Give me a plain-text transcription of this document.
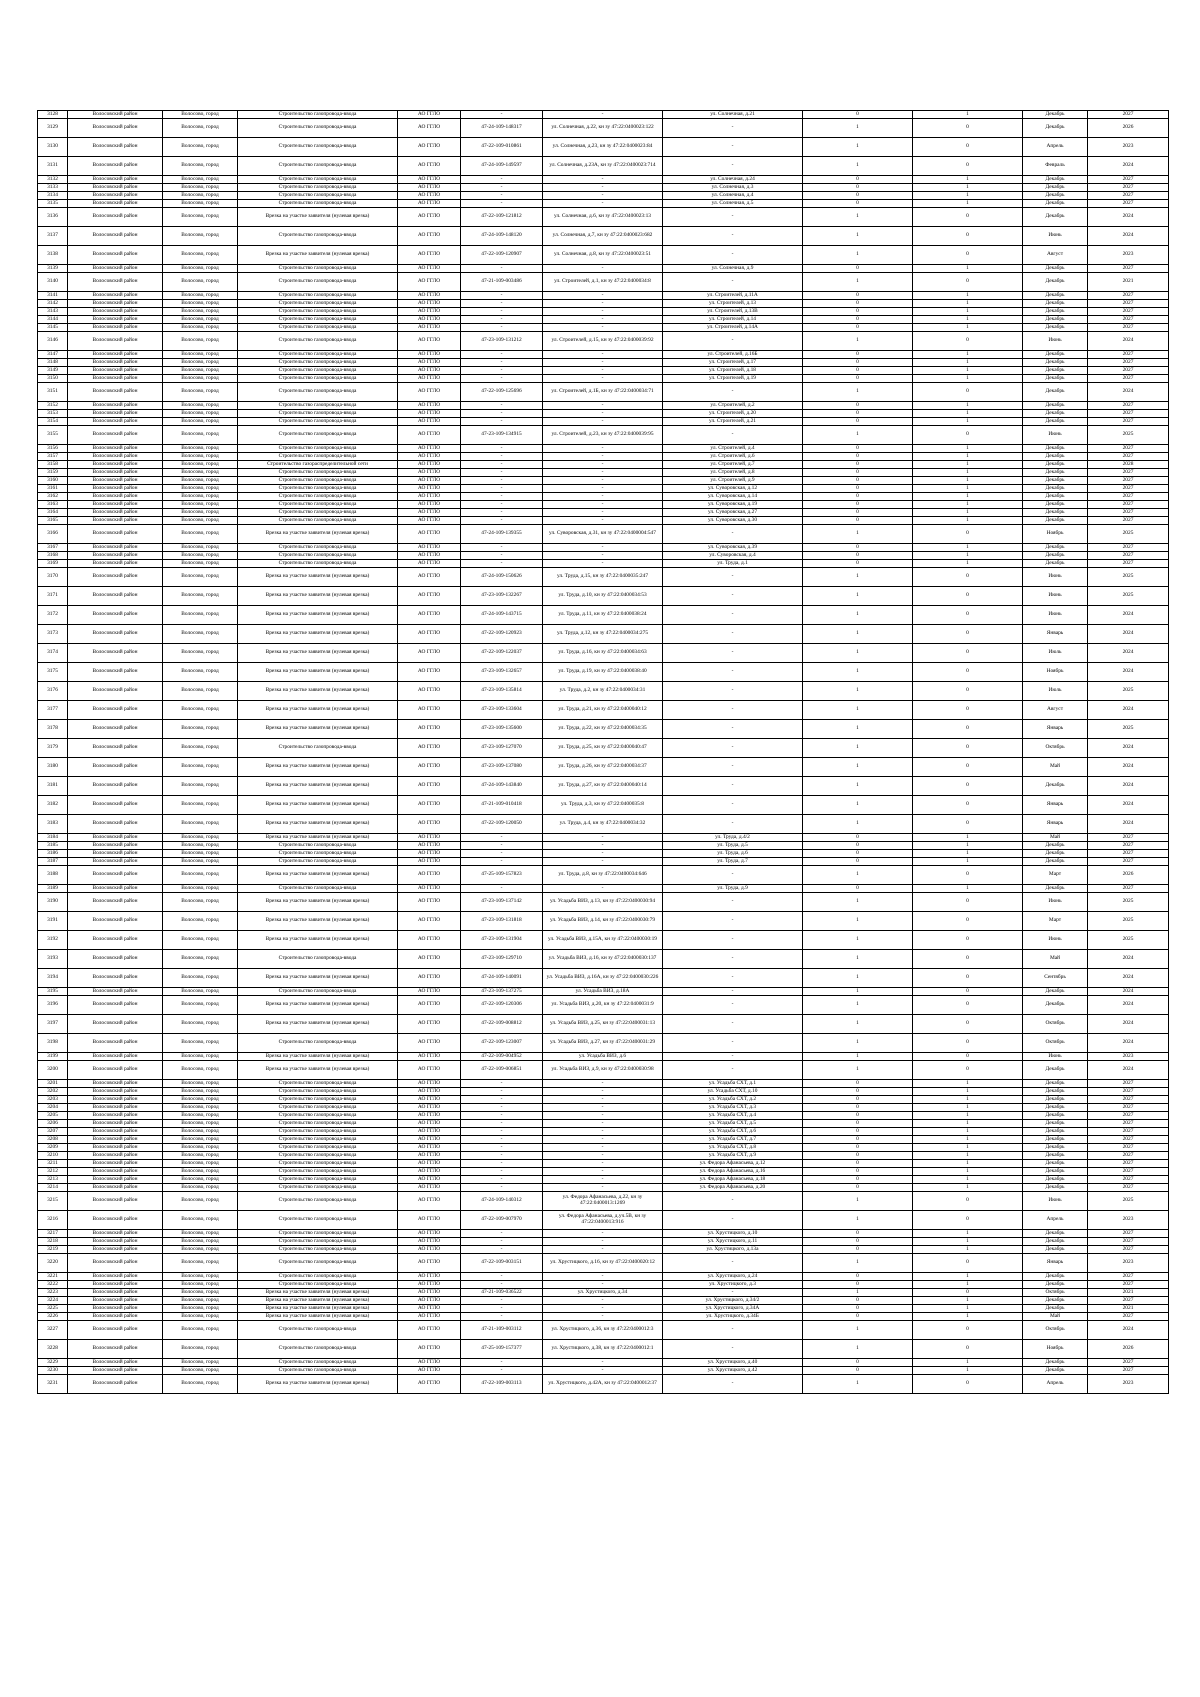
3128	Волосовский район	Волосово, город	Строительство газопровода-ввода	АО ГГЛО	-	-	ул. Солнечная, д.21	0	1	Декабрь	2027
3129	Волосовский район	Волосово, город	Строительство газопровода-ввода	АО ГГЛО	47-24-109-148317	ул. Солнечная, д.22, кн зу 47:22:0400023:122	-	1	0	Декабрь	2026
3130	Волосовский район	Волосово, город	Строительство газопровода-ввода	АО ГГЛО	47-22-109-010861	ул. Солнечная, д.23, кн зу 47:22:0400023:84	-	1	0	Апрель	2023
3131	Волосовский район	Волосово, город	Строительство газопровода-ввода	АО ГГЛО	47-24-109-149597	ул. Солнечная, д.23А, кн зу 47:22:0400023:714	-	1	0	Февраль	2024
3132	Волосовский район	Волосово, город	Строительство газопровода-ввода	АО ГГЛО	-	-	ул. Солнечная, д.24	0	1	Декабрь	2027
3133	Волосовский район	Волосово, город	Строительство газопровода-ввода	АО ГГЛО	-	-	ул. Солнечная, д.3	0	1	Декабрь	2027
3134	Волосовский район	Волосово, город	Строительство газопровода-ввода	АО ГГЛО	-	-	ул. Солнечная, д.4	0	1	Декабрь	2027
3135	Волосовский район	Волосово, город	Строительство газопровода-ввода	АО ГГЛО	-	-	ул. Солнечная, д.5	0	1	Декабрь	2027
3136	Волосовский район	Волосово, город	Врезка на участке заявителя (нулевая врезка)	АО ГГЛО	47-22-109-121812	ул. Солнечная, д.6, кн зу 47:22:0400023:13	-	1	0	Декабрь	2024
3137	Волосовский район	Волосово, город	Строительство газопровода-ввода	АО ГГЛО	47-24-109-148120	ул. Солнечная, д.7, кн зу 47:22:0400023:682	-	1	0	Июнь	2024
3138	Волосовский район	Волосово, город	Врезка на участке заявителя (нулевая врезка)	АО ГГЛО	47-22-109-120907	ул. Солнечная, д.8, кн зу 47:22:0400023:51	-	1	0	Август	2023
3139	Волосовский район	Волосово, город	Строительство газопровода-ввода	АО ГГЛО	-	-	ул. Солнечная, д.9	0	1	Декабрь	2027
3140	Волосовский район	Волосово, город	Строительство газопровода-ввода	АО ГГЛО	47-21-109-003486	ул. Строителей, д.1, кн зу 47:22:0400034:8	-	1	0	Декабрь	2021
3141	Волосовский район	Волосово, город	Строительство газопровода-ввода	АО ГГЛО	-	-	ул. Строителей, д.11А	0	1	Декабрь	2027
3142	Волосовский район	Волосово, город	Строительство газопровода-ввода	АО ГГЛО	-	-	ул. Строителей, д.13	0	1	Декабрь	2027
3143	Волосовский район	Волосово, город	Строительство газопровода-ввода	АО ГГЛО	-	-	ул. Строителей, д.13В	0	1	Декабрь	2027
3144	Волосовский район	Волосово, город	Строительство газопровода-ввода	АО ГГЛО	-	-	ул. Строителей, д.14	0	1	Декабрь	2027
3145	Волосовский район	Волосово, город	Строительство газопровода-ввода	АО ГГЛО	-	-	ул. Строителей, д.14А	0	1	Декабрь	2027
3146	Волосовский район	Волосово, город	Строительство газопровода-ввода	АО ГГЛО	47-23-109-131212	ул. Строителей, д.15, кн зу 47:22:0400039:92	-	1	0	Июнь	2024
3147	Волосовский район	Волосово, город	Строительство газопровода-ввода	АО ГГЛО	-	-	ул. Строителей, д.16Б	0	1	Декабрь	2027
3148	Волосовский район	Волосово, город	Строительство газопровода-ввода	АО ГГЛО	-	-	ул. Строителей, д.17	0	1	Декабрь	2027
3149	Волосовский район	Волосово, город	Строительство газопровода-ввода	АО ГГЛО	-	-	ул. Строителей, д.18	0	1	Декабрь	2027
3150	Волосовский район	Волосово, город	Строительство газопровода-ввода	АО ГГЛО	-	-	ул. Строителей, д.19	0	1	Декабрь	2027
3151	Волосовский район	Волосово, город	Строительство газопровода-ввода	АО ГГЛО	47-22-109-125696	ул. Строителей, д.1Б, кн зу 47:22:0400034:71	-	1	0	Декабрь	2024
3152	Волосовский район	Волосово, город	Строительство газопровода-ввода	АО ГГЛО	-	-	ул. Строителей, д.2	0	1	Декабрь	2027
3153	Волосовский район	Волосово, город	Строительство газопровода-ввода	АО ГГЛО	-	-	ул. Строителей, д.20	0	1	Декабрь	2027
3154	Волосовский район	Волосово, город	Строительство газопровода-ввода	АО ГГЛО	-	-	ул. Строителей, д.21	0	1	Декабрь	2027
3155	Волосовский район	Волосово, город	Строительство газопровода-ввода	АО ГГЛО	47-23-109-134915	ул. Строителей, д.23, кн зу 47:22:0400039:95	-	1	0	Июнь	2025
3156	Волосовский район	Волосово, город	Строительство газопровода-ввода	АО ГГЛО	-	-	ул. Строителей, д.4	0	1	Декабрь	2027
3157	Волосовский район	Волосово, город	Строительство газопровода-ввода	АО ГГЛО	-	-	ул. Строителей, д.6	0	1	Декабрь	2027
3158	Волосовский район	Волосово, город	Строительство газораспределительной сети	АО ГГЛО	-	-	ул. Строителей, д.7	0	1	Декабрь	2028
3159	Волосовский район	Волосово, город	Строительство газопровода-ввода	АО ГГЛО	-	-	ул. Строителей, д.8	0	1	Декабрь	2027
3160	Волосовский район	Волосово, город	Строительство газопровода-ввода	АО ГГЛО	-	-	ул. Строителей, д.9	0	1	Декабрь	2027
3161	Волосовский район	Волосово, город	Строительство газопровода-ввода	АО ГГЛО	-	-	ул. Суворовская, д.12	0	1	Декабрь	2027
3162	Волосовский район	Волосово, город	Строительство газопровода-ввода	АО ГГЛО	-	-	ул. Суворовская, д.14	0	1	Декабрь	2027
3163	Волосовский район	Волосово, город	Строительство газопровода-ввода	АО ГГЛО	-	-	ул. Суворовская, д.19	0	1	Декабрь	2027
3164	Волосовский район	Волосово, город	Строительство газопровода-ввода	АО ГГЛО	-	-	ул. Суворовская, д.27	0	1	Декабрь	2027
3165	Волосовский район	Волосово, город	Строительство газопровода-ввода	АО ГГЛО	-	-	ул. Суворовская, д.30	0	1	Декабрь	2027
3166	Волосовский район	Волосово, город	Врезка на участке заявителя (нулевая врезка)	АО ГГЛО	47-24-109-139355	ул. Суворовская, д.31, кн зу 47:22:0400004:547	-	1	0	Ноябрь	2025
3167	Волосовский район	Волосово, город	Строительство газопровода-ввода	АО ГГЛО	-	-	ул. Суворовская, д.39	0	1	Декабрь	2027
3168	Волосовский район	Волосово, город	Строительство газопровода-ввода	АО ГГЛО	-	-	ул. Суворовская, д.4	0	1	Декабрь	2027
3169	Волосовский район	Волосово, город	Строительство газопровода-ввода	АО ГГЛО	-	-	ул. Труда, д.1	0	1	Декабрь	2027
3170	Волосовский район	Волосово, город	Врезка на участке заявителя (нулевая врезка)	АО ГГЛО	47-24-109-150626	ул. Труда, д.15, кн зу 47:22:0400035:247	-	1	0	Июнь	2025
3171	Волосовский район	Волосово, город	Врезка на участке заявителя (нулевая врезка)	АО ГГЛО	47-23-109-132267	ул. Труда, д.10, кн зу 47:22:0400034:53	-	1	0	Июнь	2025
3172	Волосовский район	Волосово, город	Врезка на участке заявителя (нулевая врезка)	АО ГГЛО	47-24-109-143715	ул. Труда, д.11, кн зу 47:22:0400038:24	-	1	0	Июнь	2024
3173	Волосовский район	Волосово, город	Врезка на участке заявителя (нулевая врезка)	АО ГГЛО	47-22-109-120923	ул. Труда, д.12, кн зу 47:22:0400034:275	-	1	0	Январь	2024
3174	Волосовский район	Волосово, город	Врезка на участке заявителя (нулевая врезка)	АО ГГЛО	47-22-109-122037	ул. Труда, д.16, кн зу 47:22:0400034:63	-	1	0	Июль	2024
3175	Волосовский район	Волосово, город	Врезка на участке заявителя (нулевая врезка)	АО ГГЛО	47-23-109-132657	ул. Труда, д.19, кн зу 47:22:0400038:40	-	1	0	Ноябрь	2024
3176	Волосовский район	Волосово, город	Врезка на участке заявителя (нулевая врезка)	АО ГГЛО	47-23-109-135814	ул. Труда, д.2, кн зу 47:22:0400034:31	-	1	0	Июль	2025
3177	Волосовский район	Волосово, город	Врезка на участке заявителя (нулевая врезка)	АО ГГЛО	47-23-109-133604	ул. Труда, д.21, кн зу 47:22:0400040:12	-	1	0	Август	2024
3178	Волосовский район	Волосово, город	Врезка на участке заявителя (нулевая врезка)	АО ГГЛО	47-23-109-135600	ул. Труда, д.22, кн зу 47:22:0400034:35	-	1	0	Январь	2025
3179	Волосовский район	Волосово, город	Строительство газопровода-ввода	АО ГГЛО	47-23-109-127070	ул. Труда, д.25, кн зу 47:22:0400040:47	-	1	0	Октябрь	2024
3180	Волосовский район	Волосово, город	Врезка на участке заявителя (нулевая врезка)	АО ГГЛО	47-23-109-137080	ул. Труда, д.26, кн зу 47:22:0400034:37	-	1	0	Май	2024
3181	Волосовский район	Волосово, город	Врезка на участке заявителя (нулевая врезка)	АО ГГЛО	47-24-109-143840	ул. Труда, д.27, кн зу 47:22:0400040:14	-	1	0	Декабрь	2024
3182	Волосовский район	Волосово, город	Врезка на участке заявителя (нулевая врезка)	АО ГГЛО	47-21-109-010418	ул. Труда, д.3, кн зу 47:22:0400035:8	-	1	0	Январь	2024
3183	Волосовский район	Волосово, город	Врезка на участке заявителя (нулевая врезка)	АО ГГЛО	47-22-109-120050	ул. Труда, д.4, кн зу 47:22:0400034:32	-	1	0	Январь	2024
3184	Волосовский район	Волосово, город	Врезка на участке заявителя (нулевая врезка)	АО ГГЛО	-	-	ул. Труда, д.4/2	0	1	Май	2027
3185	Волосовский район	Волосово, город	Строительство газопровода-ввода	АО ГГЛО	-	-	ул. Труда, д.5	0	1	Декабрь	2027
3186	Волосовский район	Волосово, город	Строительство газопровода-ввода	АО ГГЛО	-	-	ул. Труда, д.6	0	1	Декабрь	2027
3187	Волосовский район	Волосово, город	Строительство газопровода-ввода	АО ГГЛО	-	-	ул. Труда, д.7	0	1	Декабрь	2027
3188	Волосовский район	Волосово, город	Врезка на участке заявителя (нулевая врезка)	АО ГГЛО	47-25-109-157823	ул. Труда, д.8, кн зу 47:22:0400034:646	-	1	0	Март	2026
3189	Волосовский район	Волосово, город	Строительство газопровода-ввода	АО ГГЛО	-	-	ул. Труда, д.9	0	1	Декабрь	2027
3190	Волосовский район	Волосово, город	Врезка на участке заявителя (нулевая врезка)	АО ГГЛО	47-23-109-137142	ул. Усадьба ВИЗ, д.13, кн зу 47:22:0400030:94	-	1	0	Июнь	2025
3191	Волосовский район	Волосово, город	Врезка на участке заявителя (нулевая врезка)	АО ГГЛО	47-23-109-131818	ул. Усадьба ВИЗ, д.14, кн зу 47:22:0400030:79	-	1	0	Март	2025
3192	Волосовский район	Волосово, город	Врезка на участке заявителя (нулевая врезка)	АО ГГЛО	47-23-109-131904	ул. Усадьба ВИЗ, д.15А, кн зу 47:22:0400030:19	-	1	0	Июнь	2025
3193	Волосовский район	Волосово, город	Строительство газопровода-ввода	АО ГГЛО	47-23-109-129710	ул. Усадьба ВИЗ, д.16, кн зу 47:22:0400030:137	-	1	0	Май	2024
3194	Волосовский район	Волосово, город	Врезка на участке заявителя (нулевая врезка)	АО ГГЛО	47-24-109-140091	ул. Усадьба ВИЗ, д.16А, кн зу 47:22:0400030:226	-	1	0	Сентябрь	2024
3195	Волосовский район	Волосово, город	Строительство газопровода-ввода	АО ГГЛО	47-23-109-137275	ул. Усадьба ВИЗ, д.18А	-	1	0	Декабрь	2024
3196	Волосовский район	Волосово, город	Врезка на участке заявителя (нулевая врезка)	АО ГГЛО	47-22-109-120306	ул. Усадьба ВИЗ, д.20, кн зу 47:22:0400031:9	-	1	0	Декабрь	2024
3197	Волосовский район	Волосово, город	Врезка на участке заявителя (нулевая врезка)	АО ГГЛО	47-22-109-008812	ул. Усадьба ВИЗ, д.25, кн зу 47:22:0400031:13	-	1	0	Октябрь	2024
3198	Волосовский район	Волосово, город	Строительство газопровода-ввода	АО ГГЛО	47-22-109-123007	ул. Усадьба ВИЗ, д.27, кн зу 47:22:0400031:29	-	1	0	Октябрь	2024
3199	Волосовский район	Волосово, город	Врезка на участке заявителя (нулевая врезка)	АО ГГЛО	47-22-109-004952	ул. Усадьба ВИЗ, д.6	-	1	0	Июнь	2023
3200	Волосовский район	Волосово, город	Врезка на участке заявителя (нулевая врезка)	АО ГГЛО	47-22-109-006851	ул. Усадьба ВИЗ, д.9, кн зу 47:22:0400030:98	-	1	0	Декабрь	2024
3201	Волосовский район	Волосово, город	Строительство газопровода-ввода	АО ГГЛО	-	-	ул. Усадьба СХТ, д.1	0	1	Декабрь	2027
3202	Волосовский район	Волосово, город	Строительство газопровода-ввода	АО ГГЛО	-	-	ул. Усадьба СХТ, д.10	0	1	Декабрь	2027
3203	Волосовский район	Волосово, город	Строительство газопровода-ввода	АО ГГЛО	-	-	ул. Усадьба СХТ, д.2	0	1	Декабрь	2027
3204	Волосовский район	Волосово, город	Строительство газопровода-ввода	АО ГГЛО	-	-	ул. Усадьба СХТ, д.3	0	1	Декабрь	2027
3205	Волосовский район	Волосово, город	Строительство газопровода-ввода	АО ГГЛО	-	-	ул. Усадьба СХТ, д.4	0	1	Декабрь	2027
3206	Волосовский район	Волосово, город	Строительство газопровода-ввода	АО ГГЛО	-	-	ул. Усадьба СХТ, д.5	0	1	Декабрь	2027
3207	Волосовский район	Волосово, город	Строительство газопровода-ввода	АО ГГЛО	-	-	ул. Усадьба СХТ, д.6	0	1	Декабрь	2027
3208	Волосовский район	Волосово, город	Строительство газопровода-ввода	АО ГГЛО	-	-	ул. Усадьба СХТ, д.7	0	1	Декабрь	2027
3209	Волосовский район	Волосово, город	Строительство газопровода-ввода	АО ГГЛО	-	-	ул. Усадьба СХТ, д.8	0	1	Декабрь	2027
3210	Волосовский район	Волосово, город	Строительство газопровода-ввода	АО ГГЛО	-	-	ул. Усадьба СХТ, д.9	0	1	Декабрь	2027
3211	Волосовский район	Волосово, город	Строительство газопровода-ввода	АО ГГЛО	-	-	ул. Федора Афанасьева, д.12	0	1	Декабрь	2027
3212	Волосовский район	Волосово, город	Строительство газопровода-ввода	АО ГГЛО	-	-	ул. Федора Афанасьева, д.16	0	1	Декабрь	2027
3213	Волосовский район	Волосово, город	Строительство газопровода-ввода	АО ГГЛО	-	-	ул. Федора Афанасьева, д.18	0	1	Декабрь	2027
3214	Волосовский район	Волосово, город	Строительство газопровода-ввода	АО ГГЛО	-	-	ул. Федора Афанасьева, д.20	0	1	Декабрь	2027
3215	Волосовский район	Волосово, город	Строительство газопровода-ввода	АО ГГЛО	47-24-109-140312	ул. Федора Афанасьева, д.22, кн зу 47:22:0400013:1269	-	1	0	Июнь	2025
3216	Волосовский район	Волосово, город	Строительство газопровода-ввода	АО ГГЛО	47-22-109-007970	ул. Федора Афанасьева, д.уч.5В, кн зу 47:22:0400013:916	-	1	0	Апрель	2023
3217	Волосовский район	Волосово, город	Строительство газопровода-ввода	АО ГГЛО	-	-	ул. Хрустицкого, д.10	0	1	Декабрь	2027
3218	Волосовский район	Волосово, город	Строительство газопровода-ввода	АО ГГЛО	-	-	ул. Хрустицкого, д.11	0	1	Декабрь	2027
3219	Волосовский район	Волосово, город	Строительство газопровода-ввода	АО ГГЛО	-	-	ул. Хрустицкого, д.13а	0	1	Декабрь	2027
3220	Волосовский район	Волосово, город	Строительство газопровода-ввода	АО ГГЛО	47-22-109-003151	ул. Хрустицкого, д.16, кн зу 47:22:0400020:12	-	1	0	Январь	2023
3221	Волосовский район	Волосово, город	Строительство газопровода-ввода	АО ГГЛО	-	-	ул. Хрустицкого, д.24	0	1	Декабрь	2027
3222	Волосовский район	Волосово, город	Строительство газопровода-ввода	АО ГГЛО	-	-	ул. Хрустицкого, д.3	0	1	Декабрь	2027
3223	Волосовский район	Волосово, город	Врезка на участке заявителя (нулевая врезка)	АО ГГЛО	47-21-109-036522	ул. Хрустицкого, д.34	-	1	0	Октябрь	2021
3224	Волосовский район	Волосово, город	Врезка на участке заявителя (нулевая врезка)	АО ГГЛО	-	-	ул. Хрустицкого, д.34/2	0	1	Декабрь	2027
3225	Волосовский район	Волосово, город	Врезка на участке заявителя (нулевая врезка)	АО ГГЛО	-	-	ул. Хрустицкого, д.34А	0	1	Декабрь	2021
3226	Волосовский район	Волосово, город	Врезка на участке заявителя (нулевая врезка)	АО ГГЛО	-	-	ул. Хрустицкого, д.34Б	0	1	Май	2027
3227	Волосовский район	Волосово, город	Строительство газопровода-ввода	АО ГГЛО	47-21-109-003112	ул. Хрустицкого, д.36, кн зу 47:22:0400012:3	-	1	0	Октябрь	2024
3228	Волосовский район	Волосово, город	Строительство газопровода-ввода	АО ГГЛО	47-25-109-157377	ул. Хрустицкого, д.38, кн зу 47:22:0400012:1	-	1	0	Ноябрь	2026
3229	Волосовский район	Волосово, город	Строительство газопровода-ввода	АО ГГЛО	-	-	ул. Хрустицкого, д.40	0	1	Декабрь	2027
3230	Волосовский район	Волосово, город	Строительство газопровода-ввода	АО ГГЛО	-	-	ул. Хрустицкого, д.42	0	1	Декабрь	2027
3231	Волосовский район	Волосово, город	Врезка на участке заявителя (нулевая врезка)	АО ГГЛО	47-22-109-003113	ул. Хрустицкого, д.42А, кн зу 47:22:0400012:37	-	1	0	Апрель	2023
